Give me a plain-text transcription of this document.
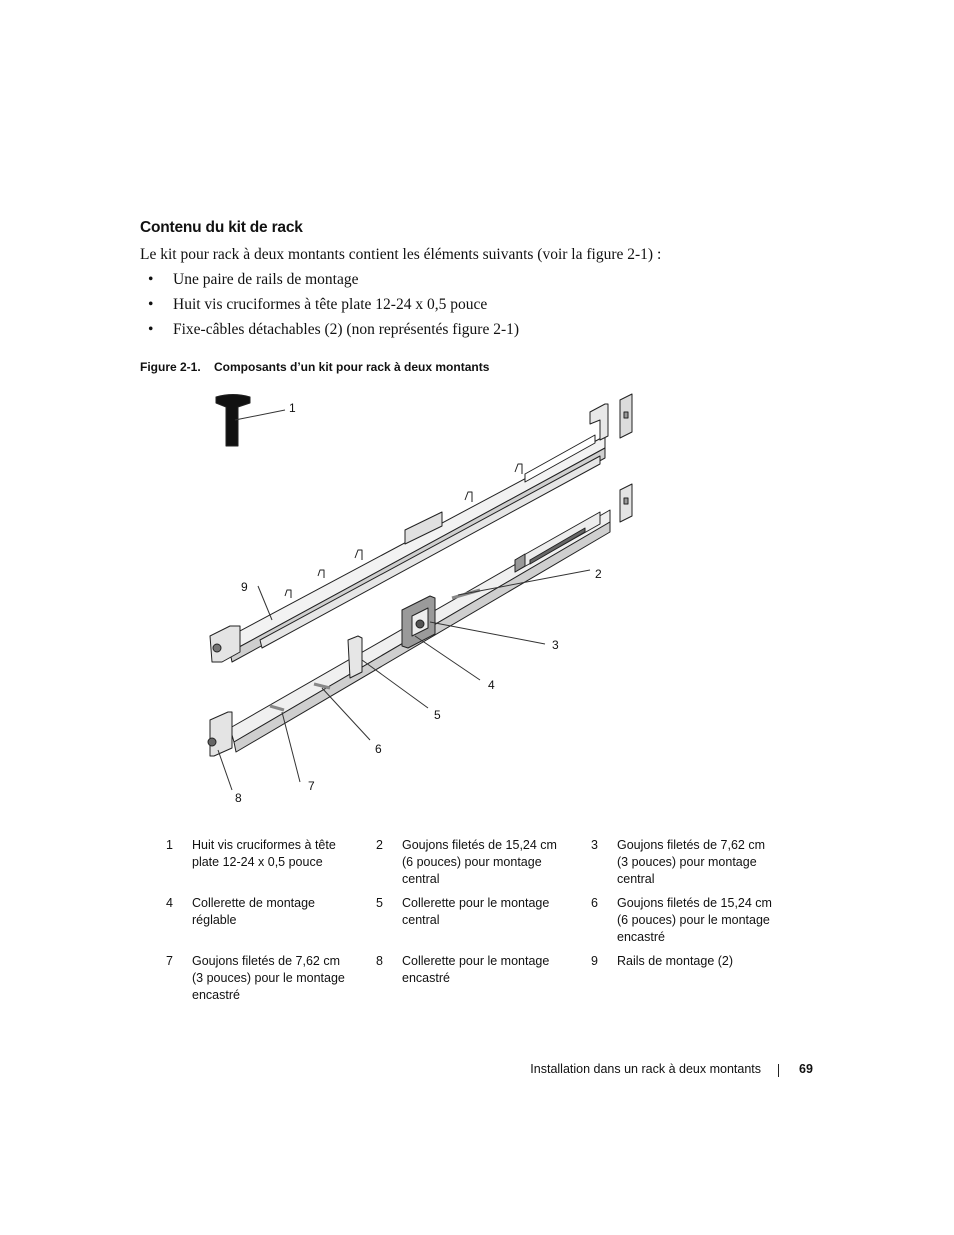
Contenu du kit de rack
Le kit pour rack à deux montants contient les éléments suivants (voir la figure 2-1) :
•	Une paire de rails de montage
•	Huit vis cruciformes à tête plate 12-24 x 0,5 pouce
•	Fixe-câbles détachables (2) (non représentés figure 2-1)
Figure 2-1.	Composants d’un kit pour rack à deux montants
1
2
3
4
5
6
7
8
9
1	Huit vis cruciformes à tête plate 12-24 x 0,5 pouce
2	Goujons filetés de 15,24 cm (6 pouces) pour montage central
3	Goujons filetés de 7,62 cm (3 pouces) pour montage central
4	Collerette de montage réglable
5	Collerette pour le montage central
6	Goujons filetés de 15,24 cm (6 pouces) pour le montage encastré
7	Goujons filetés de 7,62 cm (3 pouces) pour le montage encastré
8	Collerette pour le montage encastré
9	Rails de montage (2)
Installation dans un rack à deux montants	69
